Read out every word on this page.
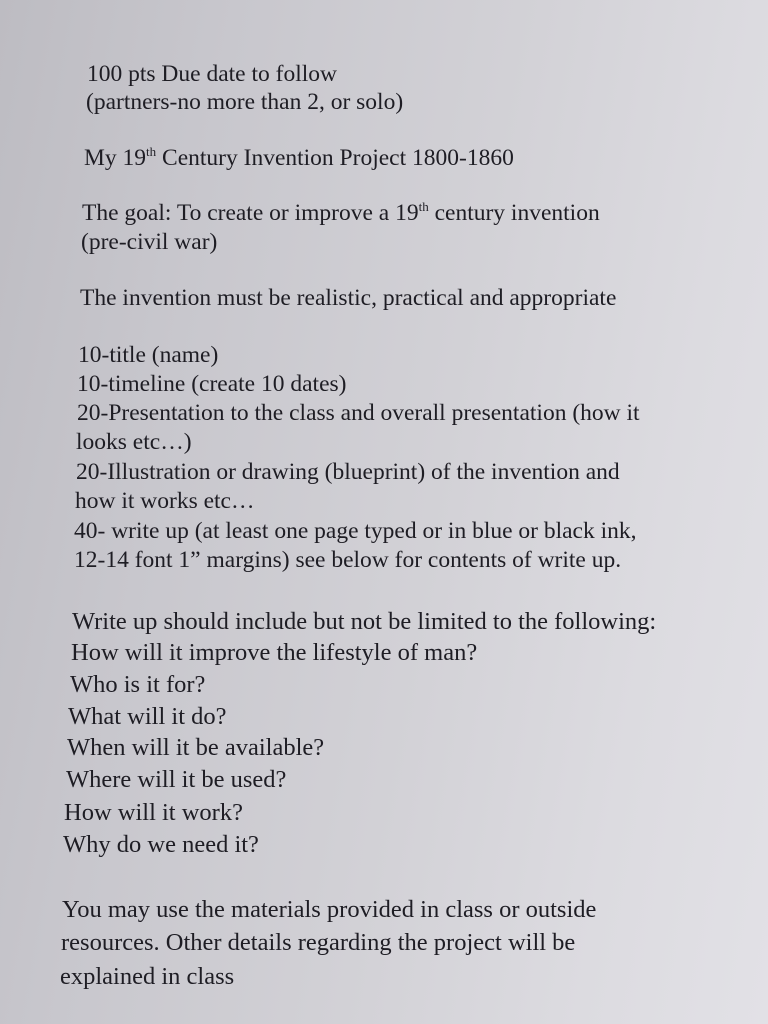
100 pts Due date to follow
(partners-no more than 2, or solo)
My 19th Century Invention Project 1800-1860
The goal: To create or improve a 19th century invention
(pre-civil war)
The invention must be realistic, practical and appropriate
10-title (name)
10-timeline (create 10 dates)
20-Presentation to the class and overall presentation (how it
looks etc…)
20-Illustration or drawing (blueprint) of the invention and
how it works etc…
40- write up (at least one page typed or in blue or black ink,
12-14 font 1” margins) see below for contents of write up.
Write up should include but not be limited to the following:
How will it improve the lifestyle of man?
Who is it for?
What will it do?
When will it be available?
Where will it be used?
How will it work?
Why do we need it?
You may use the materials provided in class or outside
resources. Other details regarding the project will be
explained in class
